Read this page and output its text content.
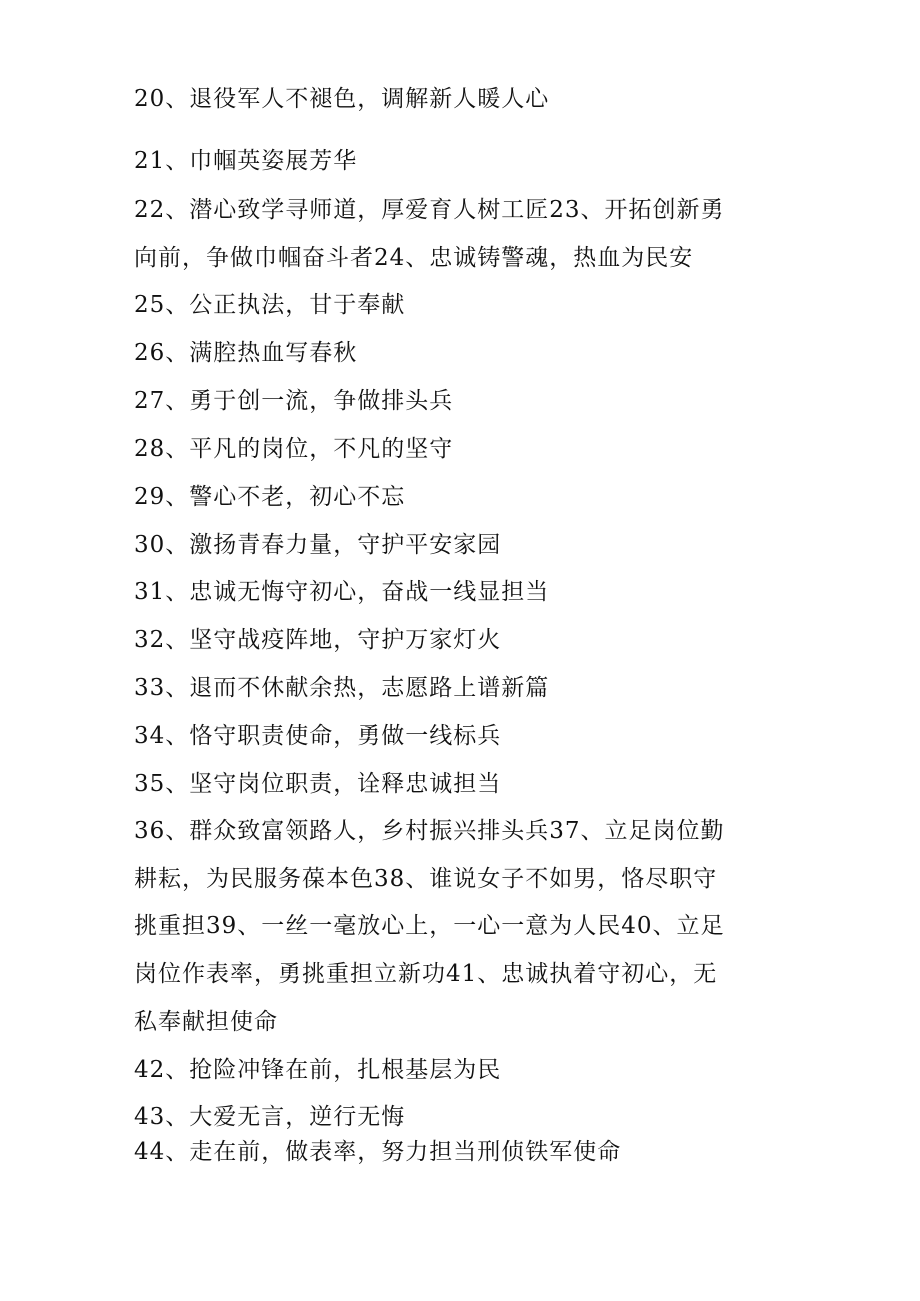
20、退役军人不褪色，调解新人暖人心
21、巾帼英姿展芳华
22、潜心致学寻师道，厚爱育人树工匠23、开拓创新勇
向前，争做巾帼奋斗者24、忠诚铸警魂，热血为民安
25、公正执法，甘于奉献
26、满腔热血写春秋
27、勇于创一流，争做排头兵
28、平凡的岗位，不凡的坚守
29、警心不老，初心不忘
30、激扬青春力量，守护平安家园
31、忠诚无悔守初心，奋战一线显担当
32、坚守战疫阵地，守护万家灯火
33、退而不休献余热，志愿路上谱新篇
34、恪守职责使命，勇做一线标兵
35、坚守岗位职责，诠释忠诚担当
36、群众致富领路人，乡村振兴排头兵37、立足岗位勤
耕耘，为民服务葆本色38、谁说女子不如男，恪尽职守
挑重担39、一丝一毫放心上，一心一意为人民40、立足
岗位作表率，勇挑重担立新功41、忠诚执着守初心，无
私奉献担使命
42、抢险冲锋在前，扎根基层为民
43、大爱无言，逆行无悔
44、走在前，做表率，努力担当刑侦铁军使命
